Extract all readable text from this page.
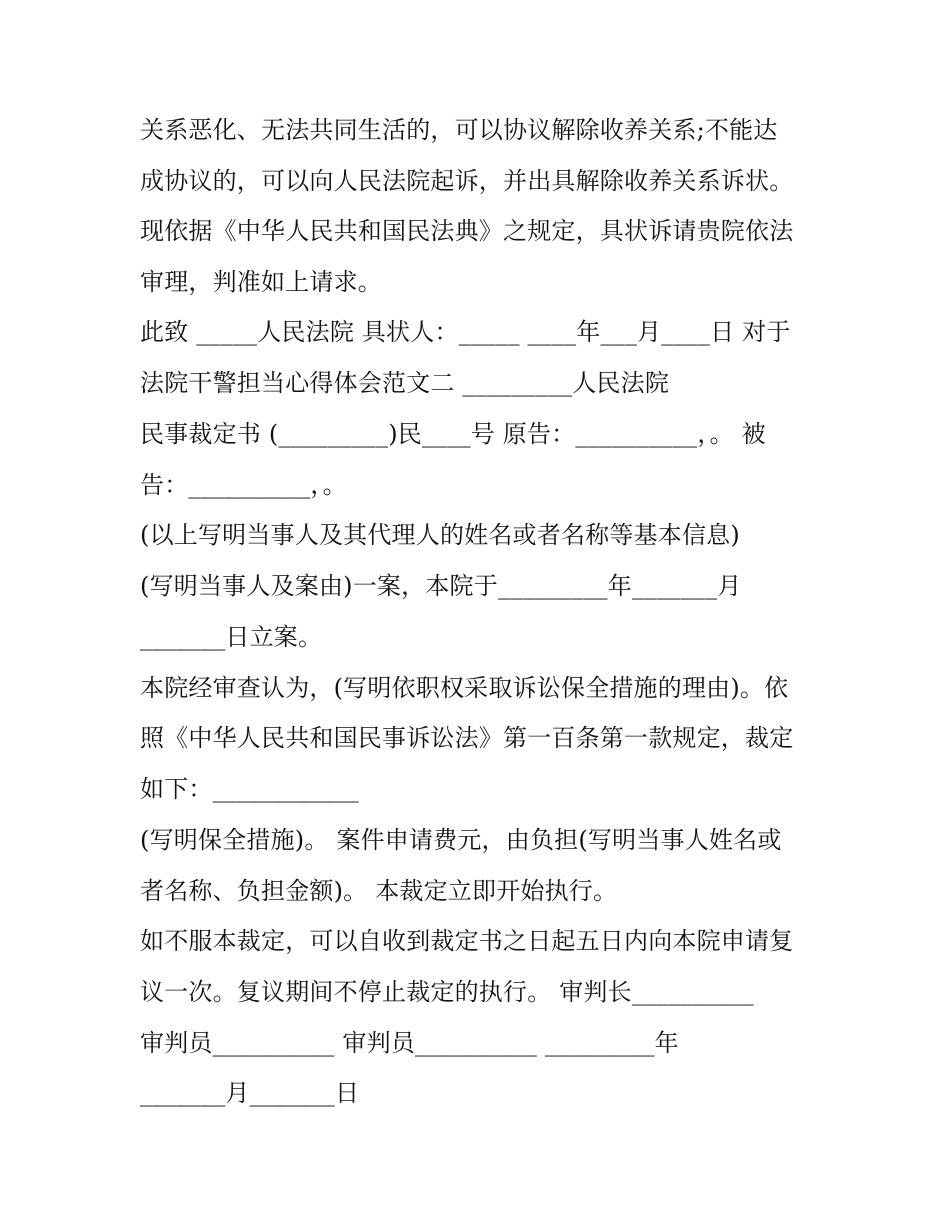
关系恶化、无法共同生活的，可以协议解除收养关系;不能达
成协议的，可以向人民法院起诉，并出具解除收养关系诉状。
现依据《中华人民共和国民法典》之规定，具状诉请贵院依法
审理，判准如上请求。
此致 _____人民法院 具状人：_____ ____年___月____日 对于
法院干警担当心得体会范文二 _________人民法院
民事裁定书 (_________)民____号 原告：__________，。 被
告：__________，。
(以上写明当事人及其代理人的姓名或者名称等基本信息)
(写明当事人及案由)一案，本院于_________年_______月
_______日立案。
本院经审查认为，(写明依职权采取诉讼保全措施的理由)。依
照《中华人民共和国民事诉讼法》第一百条第一款规定，裁定
如下：____________
(写明保全措施)。 案件申请费元，由负担(写明当事人姓名或
者名称、负担金额)。 本裁定立即开始执行。
如不服本裁定，可以自收到裁定书之日起五日内向本院申请复
议一次。复议期间不停止裁定的执行。 审判长__________
审判员__________ 审判员__________ _________年
_______月_______日
